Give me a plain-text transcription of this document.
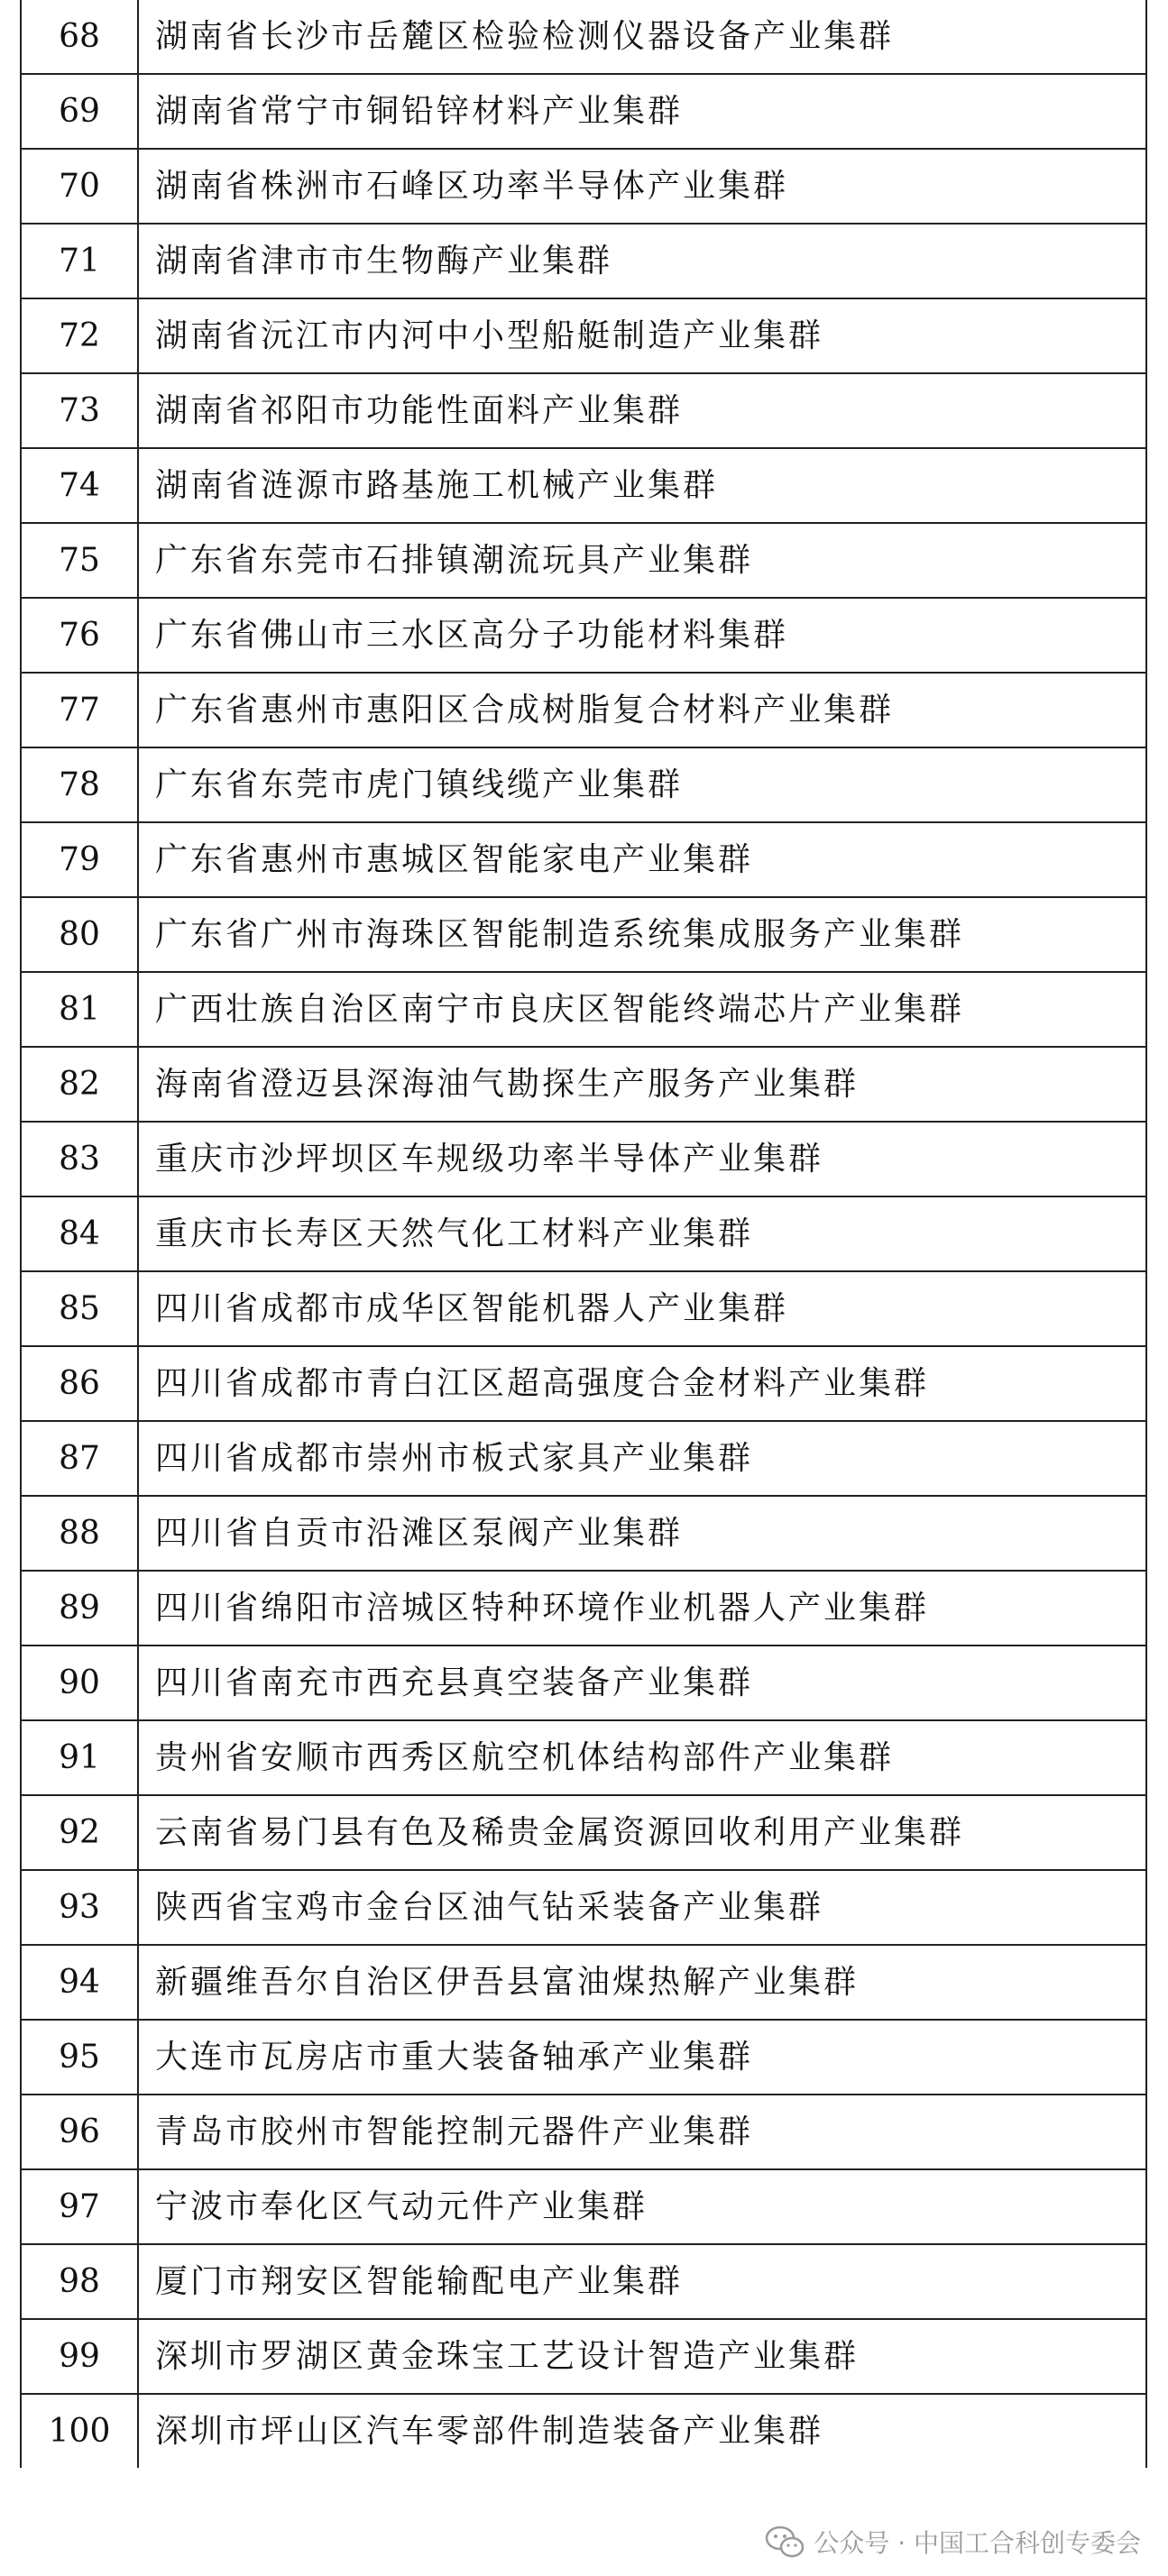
68	湖南省长沙市岳麓区检验检测仪器设备产业集群
69	湖南省常宁市铜铅锌材料产业集群
70	湖南省株洲市石峰区功率半导体产业集群
71	湖南省津市市生物酶产业集群
72	湖南省沅江市内河中小型船艇制造产业集群
73	湖南省祁阳市功能性面料产业集群
74	湖南省涟源市路基施工机械产业集群
75	广东省东莞市石排镇潮流玩具产业集群
76	广东省佛山市三水区高分子功能材料集群
77	广东省惠州市惠阳区合成树脂复合材料产业集群
78	广东省东莞市虎门镇线缆产业集群
79	广东省惠州市惠城区智能家电产业集群
80	广东省广州市海珠区智能制造系统集成服务产业集群
81	广西壮族自治区南宁市良庆区智能终端芯片产业集群
82	海南省澄迈县深海油气勘探生产服务产业集群
83	重庆市沙坪坝区车规级功率半导体产业集群
84	重庆市长寿区天然气化工材料产业集群
85	四川省成都市成华区智能机器人产业集群
86	四川省成都市青白江区超高强度合金材料产业集群
87	四川省成都市崇州市板式家具产业集群
88	四川省自贡市沿滩区泵阀产业集群
89	四川省绵阳市涪城区特种环境作业机器人产业集群
90	四川省南充市西充县真空装备产业集群
91	贵州省安顺市西秀区航空机体结构部件产业集群
92	云南省易门县有色及稀贵金属资源回收利用产业集群
93	陕西省宝鸡市金台区油气钻采装备产业集群
94	新疆维吾尔自治区伊吾县富油煤热解产业集群
95	大连市瓦房店市重大装备轴承产业集群
96	青岛市胶州市智能控制元器件产业集群
97	宁波市奉化区气动元件产业集群
98	厦门市翔安区智能输配电产业集群
99	深圳市罗湖区黄金珠宝工艺设计智造产业集群
100	深圳市坪山区汽车零部件制造装备产业集群
公众号 · 中国工合科创专委会
